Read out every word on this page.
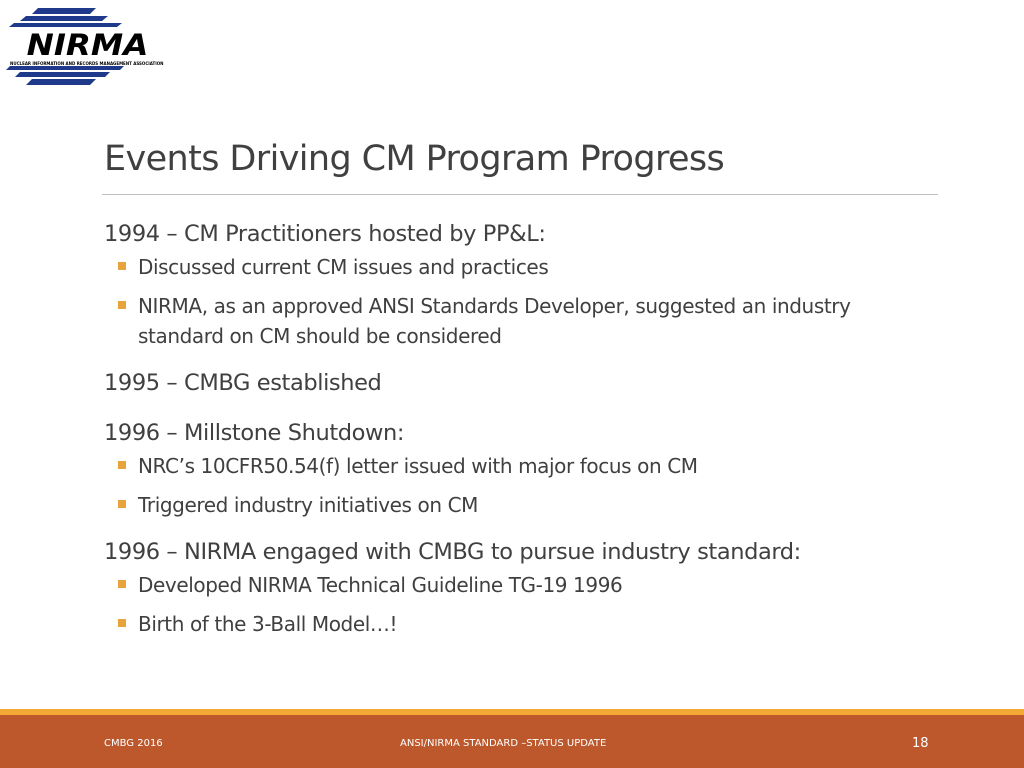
NIRMA
NUCLEAR INFORMATION AND RECORDS MANAGEMENT ASSOCIATION
Events Driving CM Program Progress
1994 – CM Practitioners hosted by PP&L:
Discussed current CM issues and practices
NIRMA, as an approved ANSI Standards Developer, suggested an industry standard on CM should be considered
1995 – CMBG established
1996 – Millstone Shutdown:
NRC’s 10CFR50.54(f) letter issued with major focus on CM
Triggered industry initiatives on CM
1996 – NIRMA engaged with CMBG to pursue industry standard:
Developed NIRMA Technical Guideline TG-19 1996
Birth of the 3-Ball Model…!
CMBG 2016	ANSI/NIRMA STANDARD –STATUS UPDATE	18
